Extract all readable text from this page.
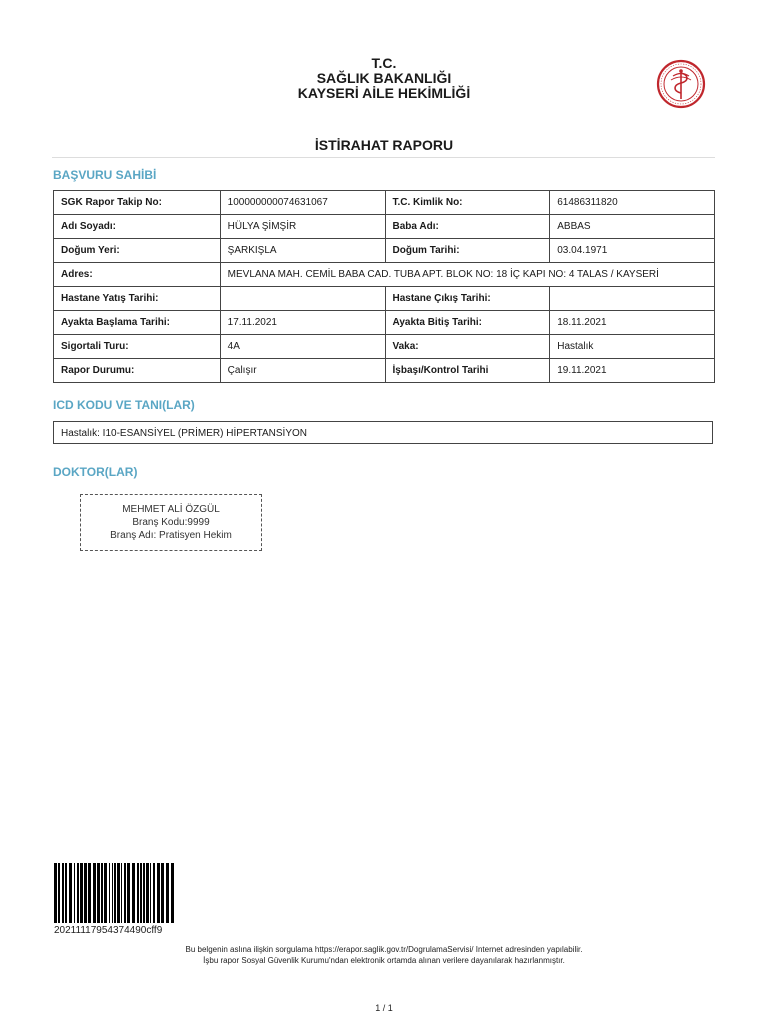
T.C.
SAĞLIK BAKANLIĞI
KAYSERİ AİLE HEKİMLİĞİ
İSTİRAHAT RAPORU
BAŞVURU SAHİBİ
SGK Rapor Takip No:	100000000074631067	T.C. Kimlik No:	61486311820
Adı Soyadı:	HÜLYA ŞİMŞİR	Baba Adı:	ABBAS
Doğum Yeri:	ŞARKIŞLA	Doğum Tarihi:	03.04.1971
Adres:	MEVLANA MAH. CEMİL BABA CAD. TUBA APT. BLOK NO: 18 İÇ KAPI NO: 4 TALAS / KAYSERİ		
Hastane Yatış Tarihi:		Hastane Çıkış Tarihi:	
Ayakta Başlama Tarihi:	17.11.2021	Ayakta Bitiş Tarihi:	18.11.2021
Sigortali Turu:	4A	Vaka:	Hastalık
Rapor Durumu:	Çalışır	İşbaşı/Kontrol Tarihi	19.11.2021
ICD KODU VE TANI(LAR)
Hastalık: I10-ESANSİYEL (PRİMER) HİPERTANSİYON
DOKTOR(LAR)
MEHMET ALİ ÖZGÜL
Branş Kodu:9999
Branş Adı: Pratisyen Hekim
20211117954374490cff9
Bu belgenin aslına ilişkin sorgulama https://erapor.saglik.gov.tr/DogrulamaServisi/ Internet adresinden yapılabilir.
İşbu rapor Sosyal Güvenlik Kurumu'ndan elektronik ortamda alınan verilere dayanılarak hazırlanmıştır.
1 / 1
